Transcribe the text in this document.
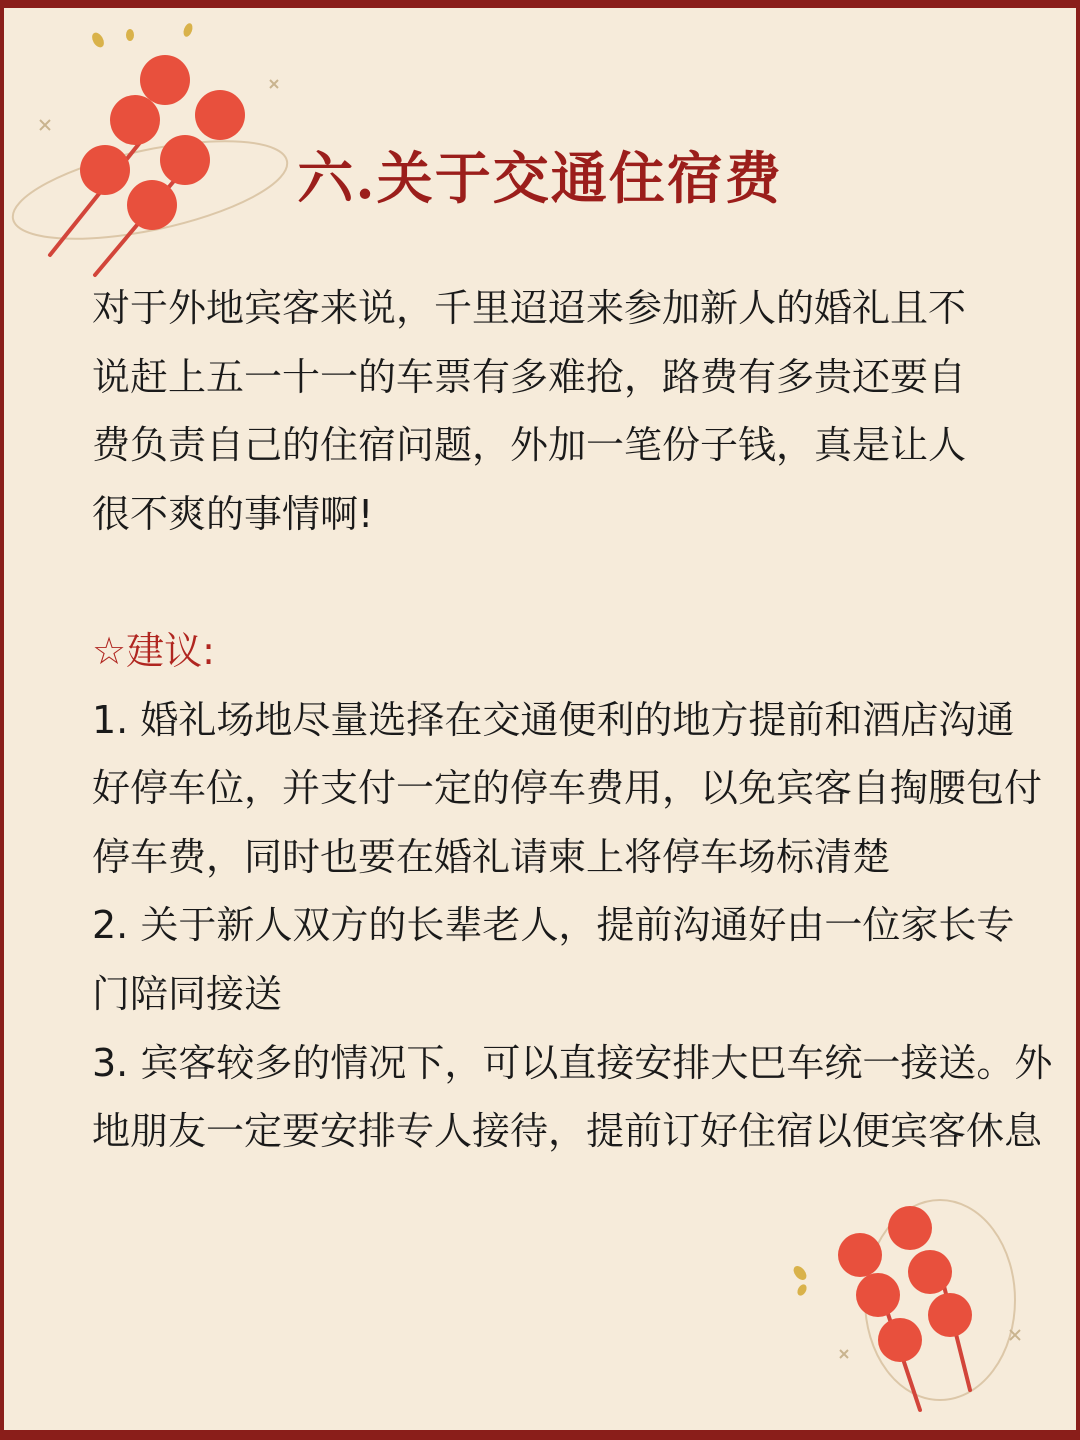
六.关于交通住宿费

对于外地宾客来说，千里迢迢来参加新人的婚礼且不说赶上五一十一的车票有多难抢，路费有多贵还要自费负责自己的住宿问题，外加一笔份子钱，真是让人很不爽的事情啊!

☆建议:

1. 婚礼场地尽量选择在交通便利的地方提前和酒店沟通好停车位，并支付一定的停车费用，以免宾客自掏腰包付停车费，同时也要在婚礼请柬上将停车场标清楚

2. 关于新人双方的长辈老人，提前沟通好由一位家长专门陪同接送

3. 宾客较多的情况下，可以直接安排大巴车统一接送。外地朋友一定要安排专人接待，提前订好住宿以便宾客休息
